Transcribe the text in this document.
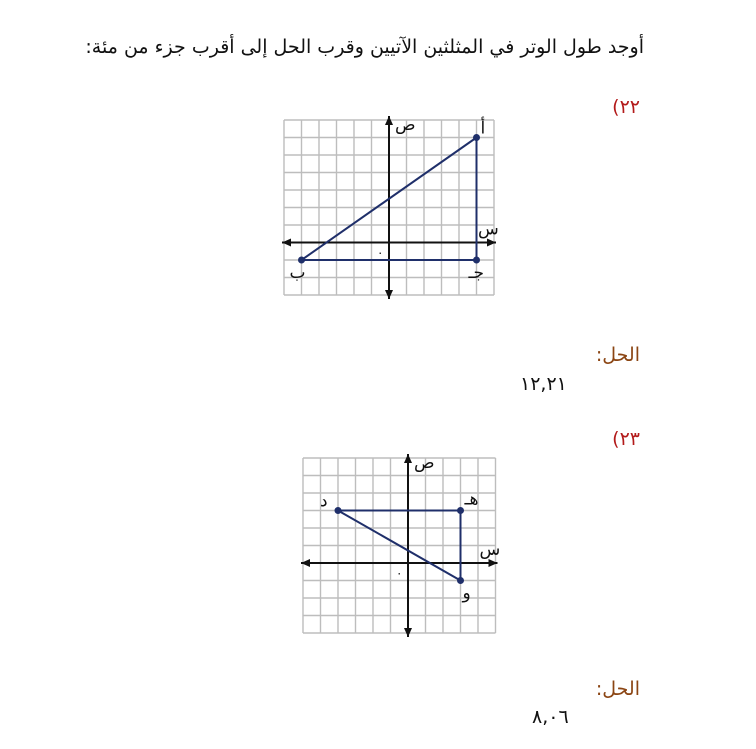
أوجد طول الوتر في المثلثين الآتيين وقرب الحل إلى أقرب جزء من مئة:

٢٢)
أ
ب	جـ
س
ص
٠
الحل:
١٢,٢١
٢٣)
د	هـ
و
س
ص
٠
الحل:
٨,٠٦
